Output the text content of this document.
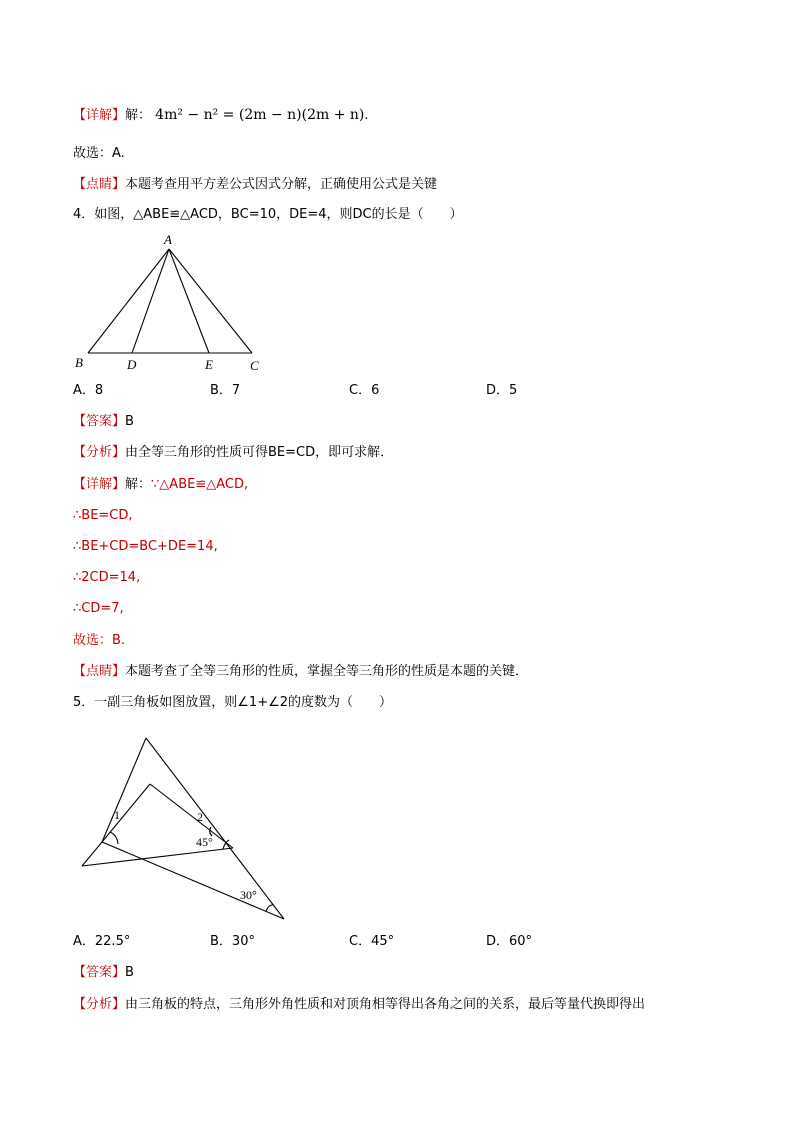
【详解】解： 4m² − n² = (2m − n)(2m + n).
故选：A.
【点睛】本题考查用平方差公式因式分解，正确使用公式是关键
4．如图，△ABE≌△ACD，BC=10，DE=4，则DC的长是（　　）
A
B	D	E	C
A．8	B．7	C．6	D．5
【答案】B
【分析】由全等三角形的性质可得BE=CD，即可求解．
【详解】解：∵△ABE≌△ACD,
∴BE=CD,
∴BE+CD=BC+DE=14,
∴2CD=14,
∴CD=7,
故选：B.
【点睛】本题考查了全等三角形的性质，掌握全等三角形的性质是本题的关键．
5．一副三角板如图放置，则∠1+∠2的度数为（　　）
1	2
45°
30°
A．22.5°	B．30°	C．45°	D．60°
【答案】B
【分析】由三角板的特点，三角形外角性质和对顶角相等得出各角之间的关系，最后等量代换即得出
